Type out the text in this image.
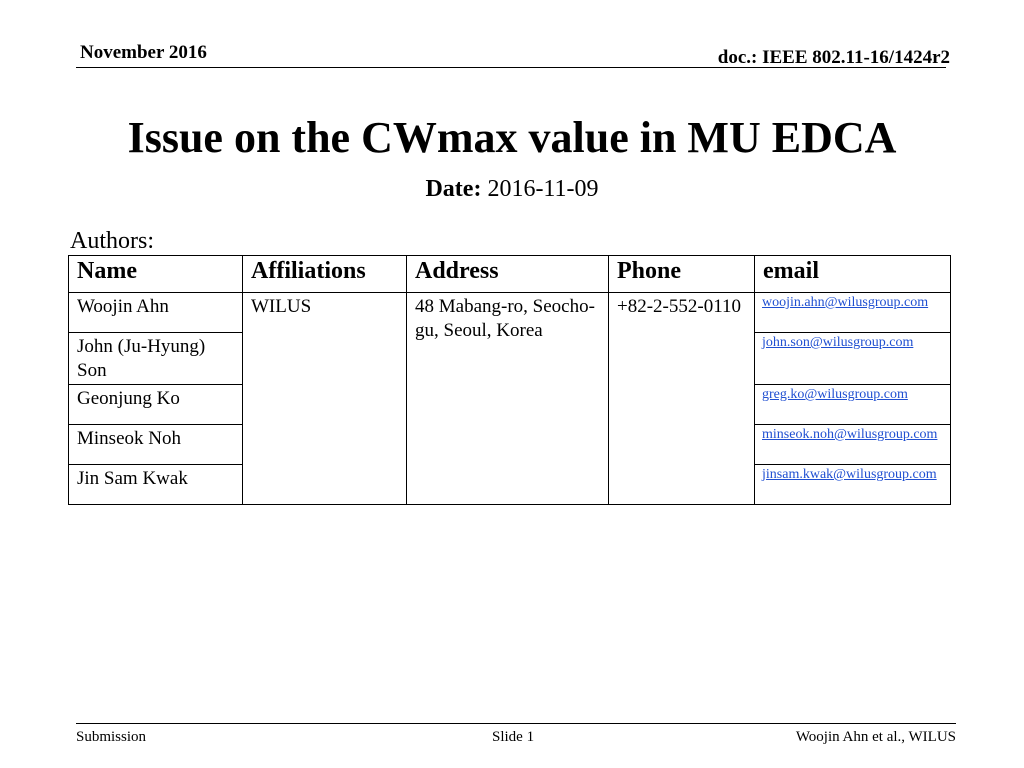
November 2016	doc.: IEEE 802.11-16/1424r2
Issue on the CWmax value in MU EDCA
Date: 2016-11-09
Authors:
Name	Affiliations	Address	Phone	email
Woojin Ahn	WILUS	48 Mabang-ro, Seocho-gu, Seoul, Korea	+82-2-552-0110	woojin.ahn@wilusgroup.com
John (Ju-Hyung) Son				john.son@wilusgroup.com
Geonjung Ko				greg.ko@wilusgroup.com
Minseok Noh				minseok.noh@wilusgroup.com
Jin Sam Kwak				jinsam.kwak@wilusgroup.com
Submission	Slide 1	Woojin Ahn et al., WILUS
